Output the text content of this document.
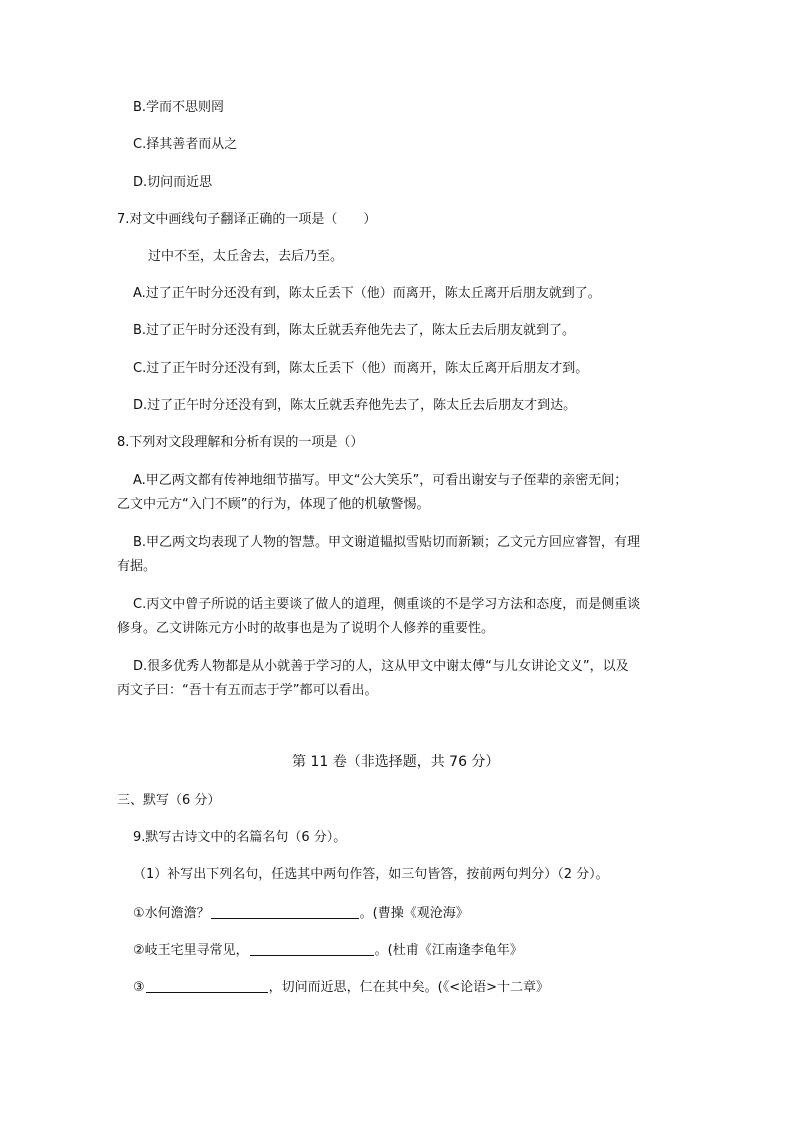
B.学而不思则罔
C.择其善者而从之
D.切问而近思
7.对文中画线句子翻译正确的一项是（　　）
过中不至，太丘舍去，去后乃至。
A.过了正午时分还没有到，陈太丘丢下（他）而离开，陈太丘离开后朋友就到了。
B.过了正午时分还没有到，陈太丘就丢弃他先去了，陈太丘去后朋友就到了。
C.过了正午时分还没有到，陈太丘丢下（他）而离开，陈太丘离开后朋友才到。
D.过了正午时分还没有到，陈太丘就丢弃他先去了，陈太丘去后朋友才到达。
8.下列对文段理解和分析有误的一项是（）
A.甲乙两文都有传神地细节描写。甲文“公大笑乐”，可看出谢安与子侄辈的亲密无间；
乙文中元方“入门不顾”的行为，体现了他的机敏警惕。
B.甲乙两文均表现了人物的智慧。甲文谢道韫拟雪贴切而新颖；乙文元方回应睿智，有理
有据。
C.丙文中曾子所说的话主要谈了做人的道理，侧重谈的不是学习方法和态度，而是侧重谈
修身。乙文讲陈元方小时的故事也是为了说明个人修养的重要性。
D.很多优秀人物都是从小就善于学习的人，这从甲文中谢太傅“与儿女讲论文义”，以及
丙文子曰：“吾十有五而志于学”都可以看出。
第 11 卷（非选择题，共 76 分）
三、默写（6 分）
9.默写古诗文中的名篇名句（6 分）。
（1）补写出下列名句，任选其中两句作答，如三句皆答，按前两句判分）（2 分）。
①水何澹澹？	。(曹操《观沧海》
②岐王宅里寻常见，	。(杜甫《江南逢李龟年》
③	，切问而近思，仁在其中矣。(《<论语>十二章》
